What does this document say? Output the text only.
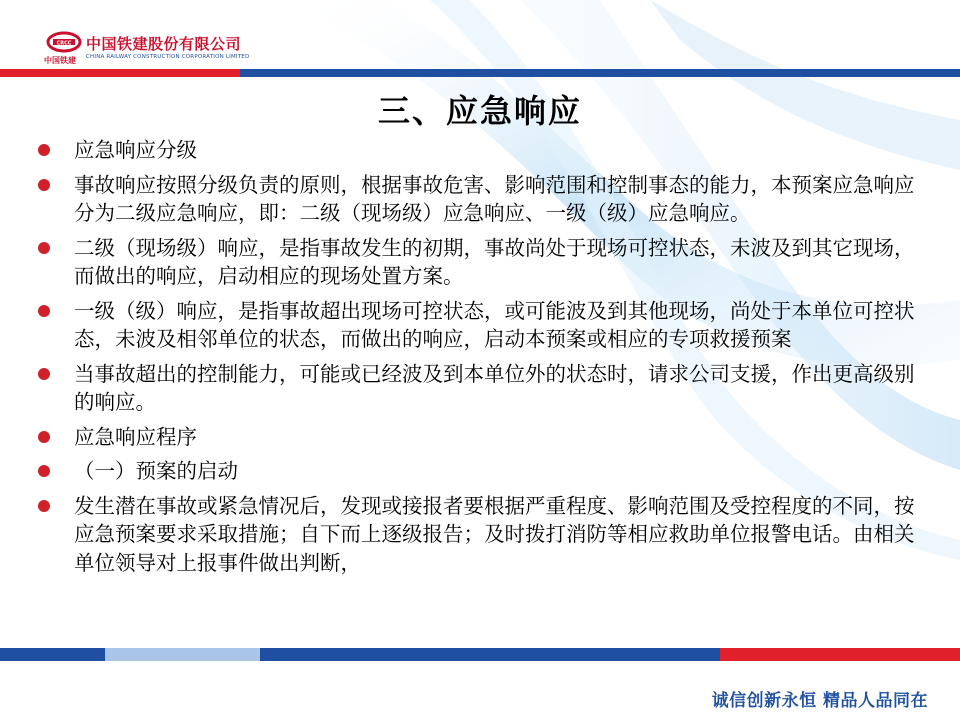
CRCC 中国铁建股份有限公司
CHINA RAILWAY CONSTRUCTION CORPORATION LIMITED
中国铁建
三、应急响应
应急响应分级
事故响应按照分级负责的原则，根据事故危害、影响范围和控制事态的能力，本预案应急响应分为二级应急响应，即：二级（现场级）应急响应、一级（级）应急响应。
二级（现场级）响应，是指事故发生的初期，事故尚处于现场可控状态，未波及到其它现场，而做出的响应，启动相应的现场处置方案。
一级（级）响应，是指事故超出现场可控状态，或可能波及到其他现场，尚处于本单位可控状态，未波及相邻单位的状态，而做出的响应，启动本预案或相应的专项救援预案
当事故超出的控制能力，可能或已经波及到本单位外的状态时，请求公司支援，作出更高级别的响应。
应急响应程序
（一）预案的启动
发生潜在事故或紧急情况后，发现或接报者要根据严重程度、影响范围及受控程度的不同，按应急预案要求采取措施；自下而上逐级报告；及时拨打消防等相应救助单位报警电话。由相关单位领导对上报事件做出判断，
诚信创新永恒 精品人品同在
